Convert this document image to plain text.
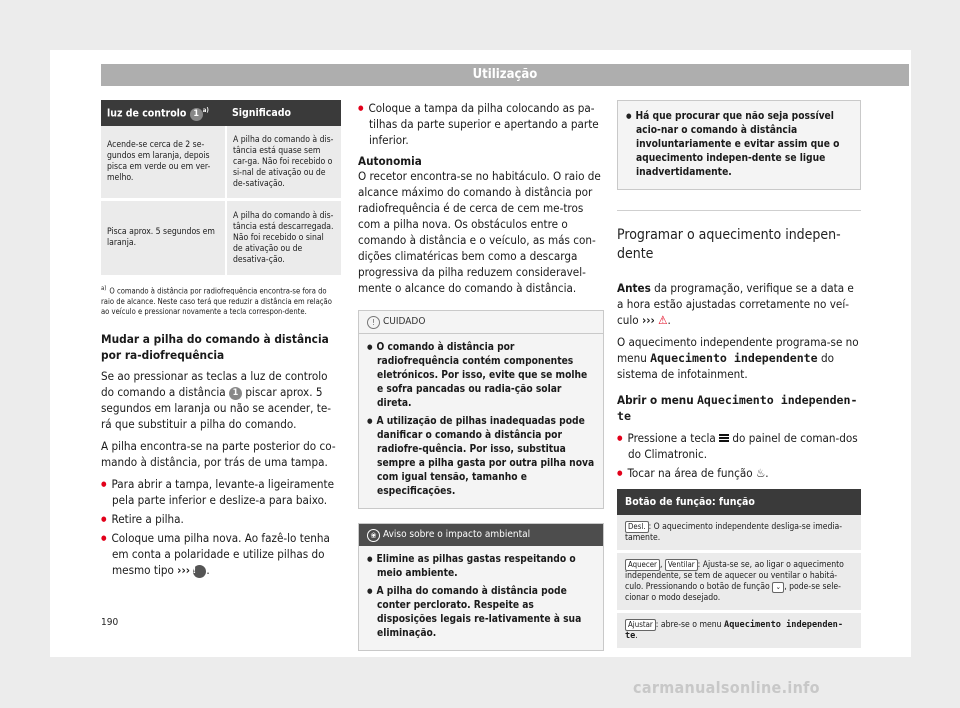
Utilização
luz de controlo 1 $^{a)}$	Significado
Acende-se cerca de 2 se-gundos em laranja, depois pisca em verde ou em ver-melho.	A pilha do comando à dis-tância está quase sem car-ga. Não foi recebido o si-nal de ativação ou de de-sativação.
Pisca aprox. 5 segundos em laranja.	A pilha do comando à dis-tância está descarregada. Não foi recebido o sinal de ativação ou de desativa-ção.
$^{a)}$ O comando à distância por radiofrequência encontra-se fora do raio de alcance. Neste caso terá que reduzir a distância em relação ao veículo e pressionar novamente a tecla correspon-dente.
Mudar a pilha do comando à distância por ra-diofrequência

Se ao pressionar as teclas a luz de controlo do comando a distância 1 piscar aprox. 5 segundos em laranja ou não se acender, te-rá que substituir a pilha do comando.

A pilha encontra-se na parte posterior do co-mando à distância, por trás de uma tampa.

● Para abrir a tampa, levante-a ligeiramente pela parte inferior e deslize-a para baixo.
● Retire a pilha.
● Coloque uma pilha nova. Ao fazê-lo tenha em conta a polaridade e utilize pilhas do mesmo tipo ››› ! .
● Coloque a tampa da pilha colocando as pa-tilhas da parte superior e apertando a parte inferior.
Autonomia

O recetor encontra-se no habitáculo. O raio de alcance máximo do comando à distância por radiofrequência é de cerca de cem me-tros com a pilha nova. Os obstáculos entre o comando à distância e o veículo, as más con-dições climatéricas bem como a descarga progressiva da pilha reduzem consideravel-mente o alcance do comando à distância.

! CUIDADO
● O comando à distância por radiofrequência contém componentes eletrónicos. Por isso, evite que se molhe e sofra pancadas ou radia-ção solar direta.
● A utilização de pilhas inadequadas pode danificar o comando à distância por radiofre-quência. Por isso, substitua sempre a pilha gasta por outra pilha nova com igual tensão, tamanho e especificações.
❀ Aviso sobre o impacto ambiental
● Elimine as pilhas gastas respeitando o meio ambiente.
● A pilha do comando à distância pode conter perclorato. Respeite as disposições legais re-lativamente à sua eliminação.
● Há que procurar que não seja possível acio-nar o comando à distância involuntariamente e evitar assim que o aquecimento indepen-dente se ligue inadvertidamente.
Programar o aquecimento indepen-dente

Antes da programação, verifique se a data e a hora estão ajustadas corretamente no veí-culo ››› ⚠.

O aquecimento independente programa-se no menu Aquecimento independente do sistema de infotainment.

Abrir o menu Aquecimento independen-te

● Pressione a tecla do painel de coman-dos do Climatronic.
● Tocar na área de função ♨.
Botão de função: função
Desl. : O aquecimento independente desliga-se imedia-tamente.
Aquecer , Ventilar : Ajusta-se se, ao ligar o aquecimento independente, se tem de aquecer ou ventilar o habitá-culo. Pressionando o botão de função ⌄ , pode-se sele-cionar o modo desejado.
Ajustar : abre-se o menu Aquecimento independen-te.
190
carmanualsonline.info
